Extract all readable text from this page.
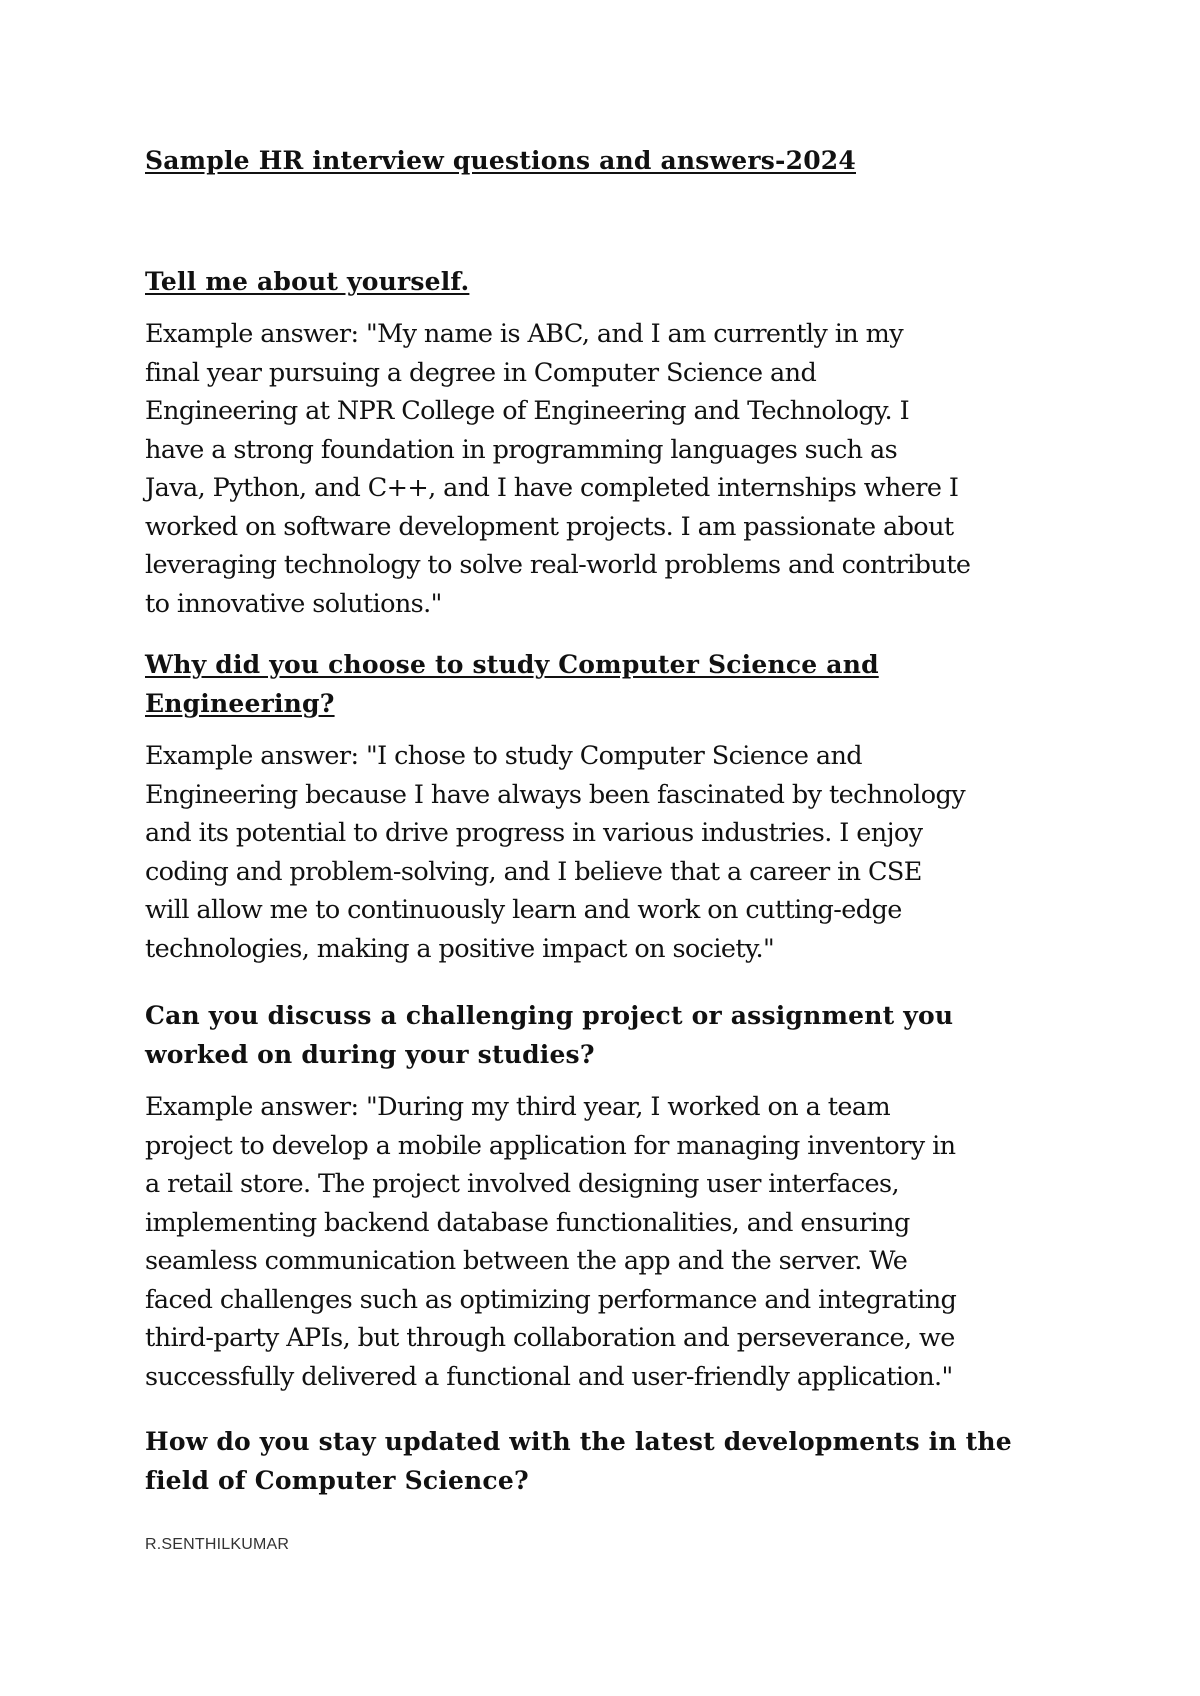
Sample HR interview questions and answers-2024

Tell me about yourself.

Example answer: "My name is ABC, and I am currently in my
final year pursuing a degree in Computer Science and
Engineering at NPR College of Engineering and Technology. I
have a strong foundation in programming languages such as
Java, Python, and C++, and I have completed internships where I
worked on software development projects. I am passionate about
leveraging technology to solve real-world problems and contribute
to innovative solutions."

Why did you choose to study Computer Science and
Engineering?

Example answer: "I chose to study Computer Science and
Engineering because I have always been fascinated by technology
and its potential to drive progress in various industries. I enjoy
coding and problem-solving, and I believe that a career in CSE
will allow me to continuously learn and work on cutting-edge
technologies, making a positive impact on society."

Can you discuss a challenging project or assignment you
worked on during your studies?

Example answer: "During my third year, I worked on a team
project to develop a mobile application for managing inventory in
a retail store. The project involved designing user interfaces,
implementing backend database functionalities, and ensuring
seamless communication between the app and the server. We
faced challenges such as optimizing performance and integrating
third-party APIs, but through collaboration and perseverance, we
successfully delivered a functional and user-friendly application."

How do you stay updated with the latest developments in the
field of Computer Science?

R.SENTHILKUMAR
